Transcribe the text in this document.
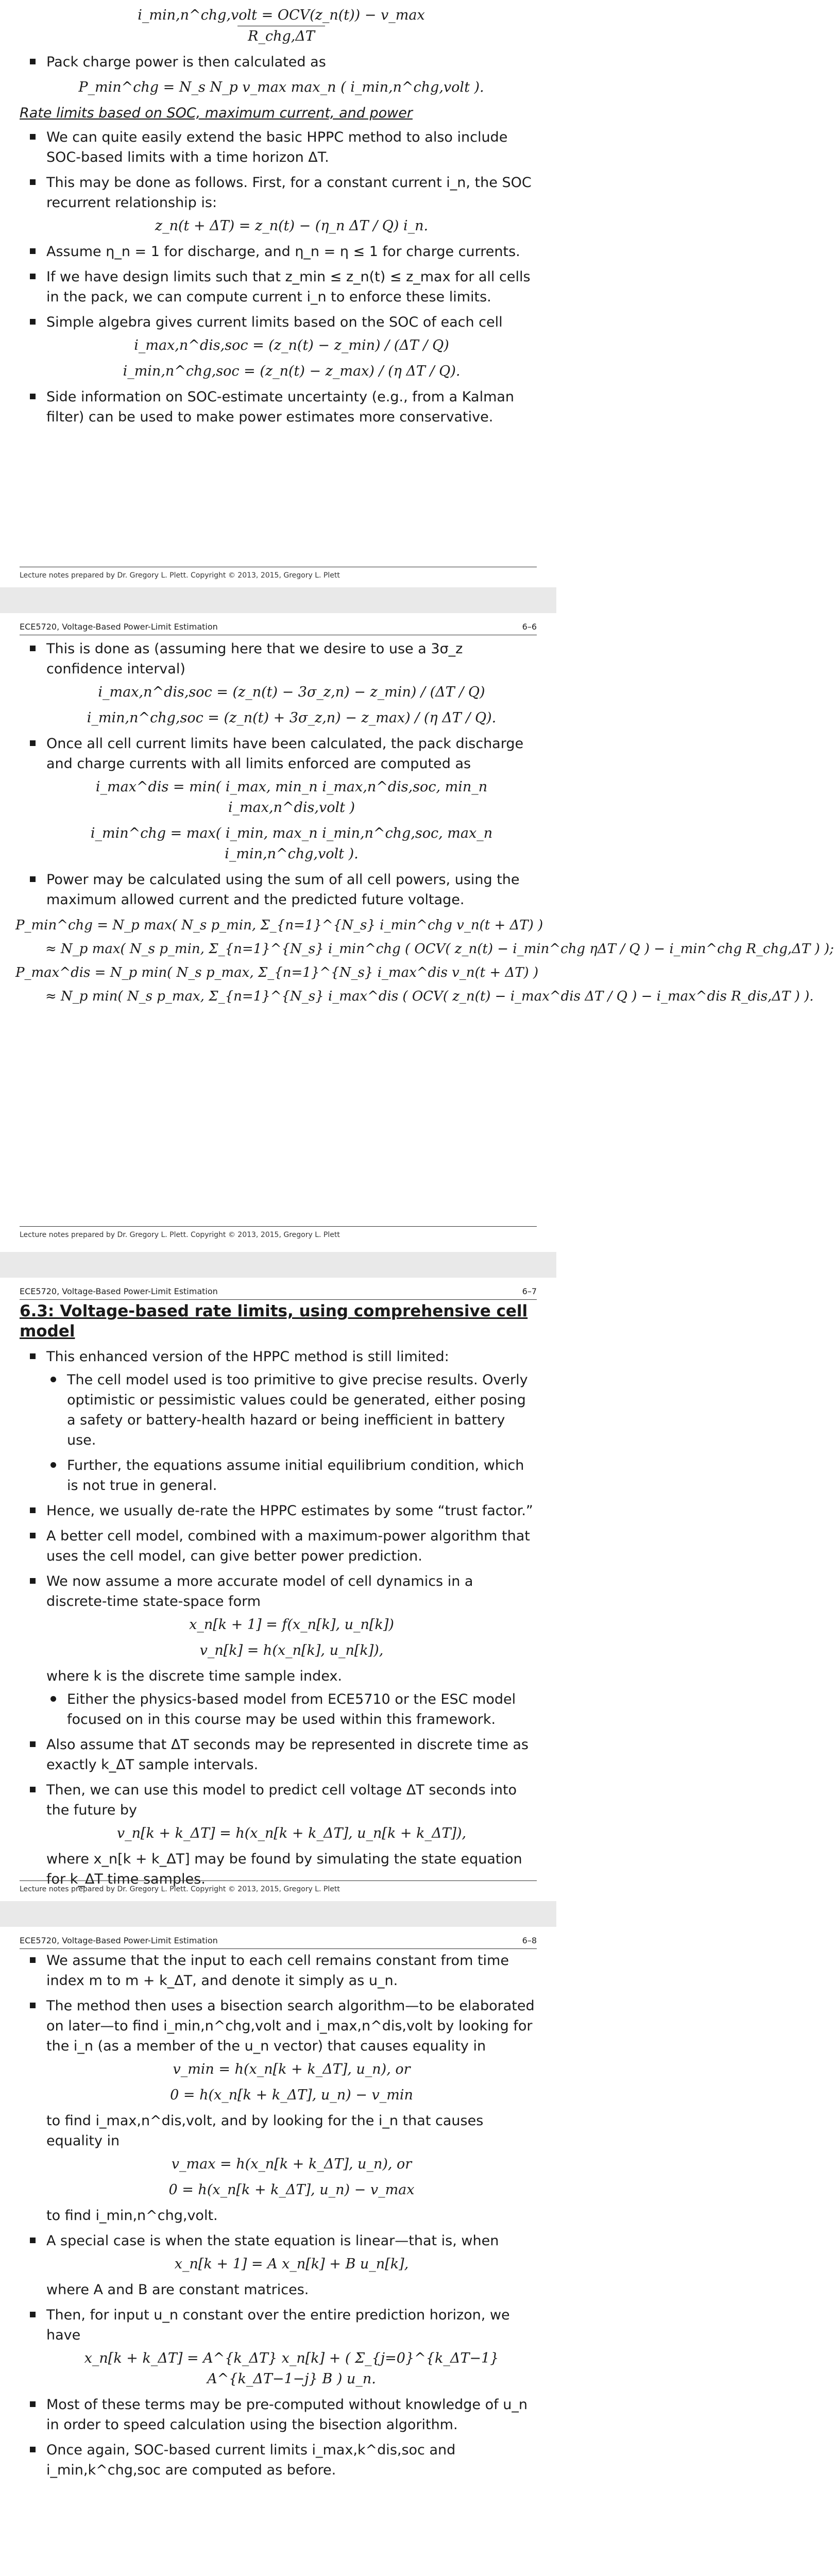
i_min,n^chg,volt = OCV(z_n(t)) − v_max
R_chg,ΔT
Pack charge power is then calculated as
P_min^chg = N_s N_p v_max max_n ( i_min,n^chg,volt ).
Rate limits based on SOC, maximum current, and power
We can quite easily extend the basic HPPC method to also include SOC-based limits with a time horizon ΔT.
This may be done as follows. First, for a constant current i_n, the SOC recurrent relationship is:
z_n(t + ΔT) = z_n(t) − (η_n ΔT / Q) i_n.
Assume η_n = 1 for discharge, and η_n = η ≤ 1 for charge currents.
If we have design limits such that z_min ≤ z_n(t) ≤ z_max for all cells in the pack, we can compute current i_n to enforce these limits.
Simple algebra gives current limits based on the SOC of each cell
i_max,n^dis,soc = (z_n(t) − z_min) / (ΔT / Q)
i_min,n^chg,soc = (z_n(t) − z_max) / (η ΔT / Q).
Side information on SOC-estimate uncertainty (e.g., from a Kalman filter) can be used to make power estimates more conservative.
Lecture notes prepared by Dr. Gregory L. Plett. Copyright © 2013, 2015, Gregory L. Plett
ECE5720, Voltage-Based Power-Limit Estimation	6–6
This is done as (assuming here that we desire to use a 3σ_z confidence interval)
i_max,n^dis,soc = (z_n(t) − 3σ_z,n) − z_min) / (ΔT / Q)
i_min,n^chg,soc = (z_n(t) + 3σ_z,n) − z_max) / (η ΔT / Q).
Once all cell current limits have been calculated, the pack discharge and charge currents with all limits enforced are computed as
i_max^dis = min( i_max, min_n i_max,n^dis,soc, min_n i_max,n^dis,volt )
i_min^chg = max( i_min, max_n i_min,n^chg,soc, max_n i_min,n^chg,volt ).
Power may be calculated using the sum of all cell powers, using the maximum allowed current and the predicted future voltage.
P_min^chg = N_p max( N_s p_min, Σ_{n=1}^{N_s} i_min^chg v_n(t + ΔT) )
≈ N_p max( N_s p_min, Σ_{n=1}^{N_s} i_min^chg ( OCV( z_n(t) − i_min^chg ηΔT / Q ) − i_min^chg R_chg,ΔT ) );
P_max^dis = N_p min( N_s p_max, Σ_{n=1}^{N_s} i_max^dis v_n(t + ΔT) )
≈ N_p min( N_s p_max, Σ_{n=1}^{N_s} i_max^dis ( OCV( z_n(t) − i_max^dis ΔT / Q ) − i_max^dis R_dis,ΔT ) ).
Lecture notes prepared by Dr. Gregory L. Plett. Copyright © 2013, 2015, Gregory L. Plett
ECE5720, Voltage-Based Power-Limit Estimation	6–7
6.3: Voltage-based rate limits, using comprehensive cell model
This enhanced version of the HPPC method is still limited:
The cell model used is too primitive to give precise results. Overly optimistic or pessimistic values could be generated, either posing a safety or battery-health hazard or being inefficient in battery use.
Further, the equations assume initial equilibrium condition, which is not true in general.
Hence, we usually de-rate the HPPC estimates by some “trust factor.”
A better cell model, combined with a maximum-power algorithm that uses the cell model, can give better power prediction.
We now assume a more accurate model of cell dynamics in a discrete-time state-space form
x_n[k + 1] = f(x_n[k], u_n[k])
v_n[k] = h(x_n[k], u_n[k]),
where k is the discrete time sample index.
Either the physics-based model from ECE5710 or the ESC model focused on in this course may be used within this framework.
Also assume that ΔT seconds may be represented in discrete time as exactly k_ΔT sample intervals.
Then, we can use this model to predict cell voltage ΔT seconds into the future by
v_n[k + k_ΔT] = h(x_n[k + k_ΔT], u_n[k + k_ΔT]),
where x_n[k + k_ΔT] may be found by simulating the state equation for k_ΔT time samples.
Lecture notes prepared by Dr. Gregory L. Plett. Copyright © 2013, 2015, Gregory L. Plett
ECE5720, Voltage-Based Power-Limit Estimation	6–8
We assume that the input to each cell remains constant from time index m to m + k_ΔT, and denote it simply as u_n.
The method then uses a bisection search algorithm—to be elaborated on later—to find i_min,n^chg,volt and i_max,n^dis,volt by looking for the i_n (as a member of the u_n vector) that causes equality in
v_min = h(x_n[k + k_ΔT], u_n), or
0 = h(x_n[k + k_ΔT], u_n) − v_min
to find i_max,n^dis,volt, and by looking for the i_n that causes equality in
v_max = h(x_n[k + k_ΔT], u_n), or
0 = h(x_n[k + k_ΔT], u_n) − v_max
to find i_min,n^chg,volt.
A special case is when the state equation is linear—that is, when
x_n[k + 1] = A x_n[k] + B u_n[k],
where A and B are constant matrices.
Then, for input u_n constant over the entire prediction horizon, we have
x_n[k + k_ΔT] = A^{k_ΔT} x_n[k] + ( Σ_{j=0}^{k_ΔT−1} A^{k_ΔT−1−j} B ) u_n.
Most of these terms may be pre-computed without knowledge of u_n in order to speed calculation using the bisection algorithm.
Once again, SOC-based current limits i_max,k^dis,soc and i_min,k^chg,soc are computed as before.
